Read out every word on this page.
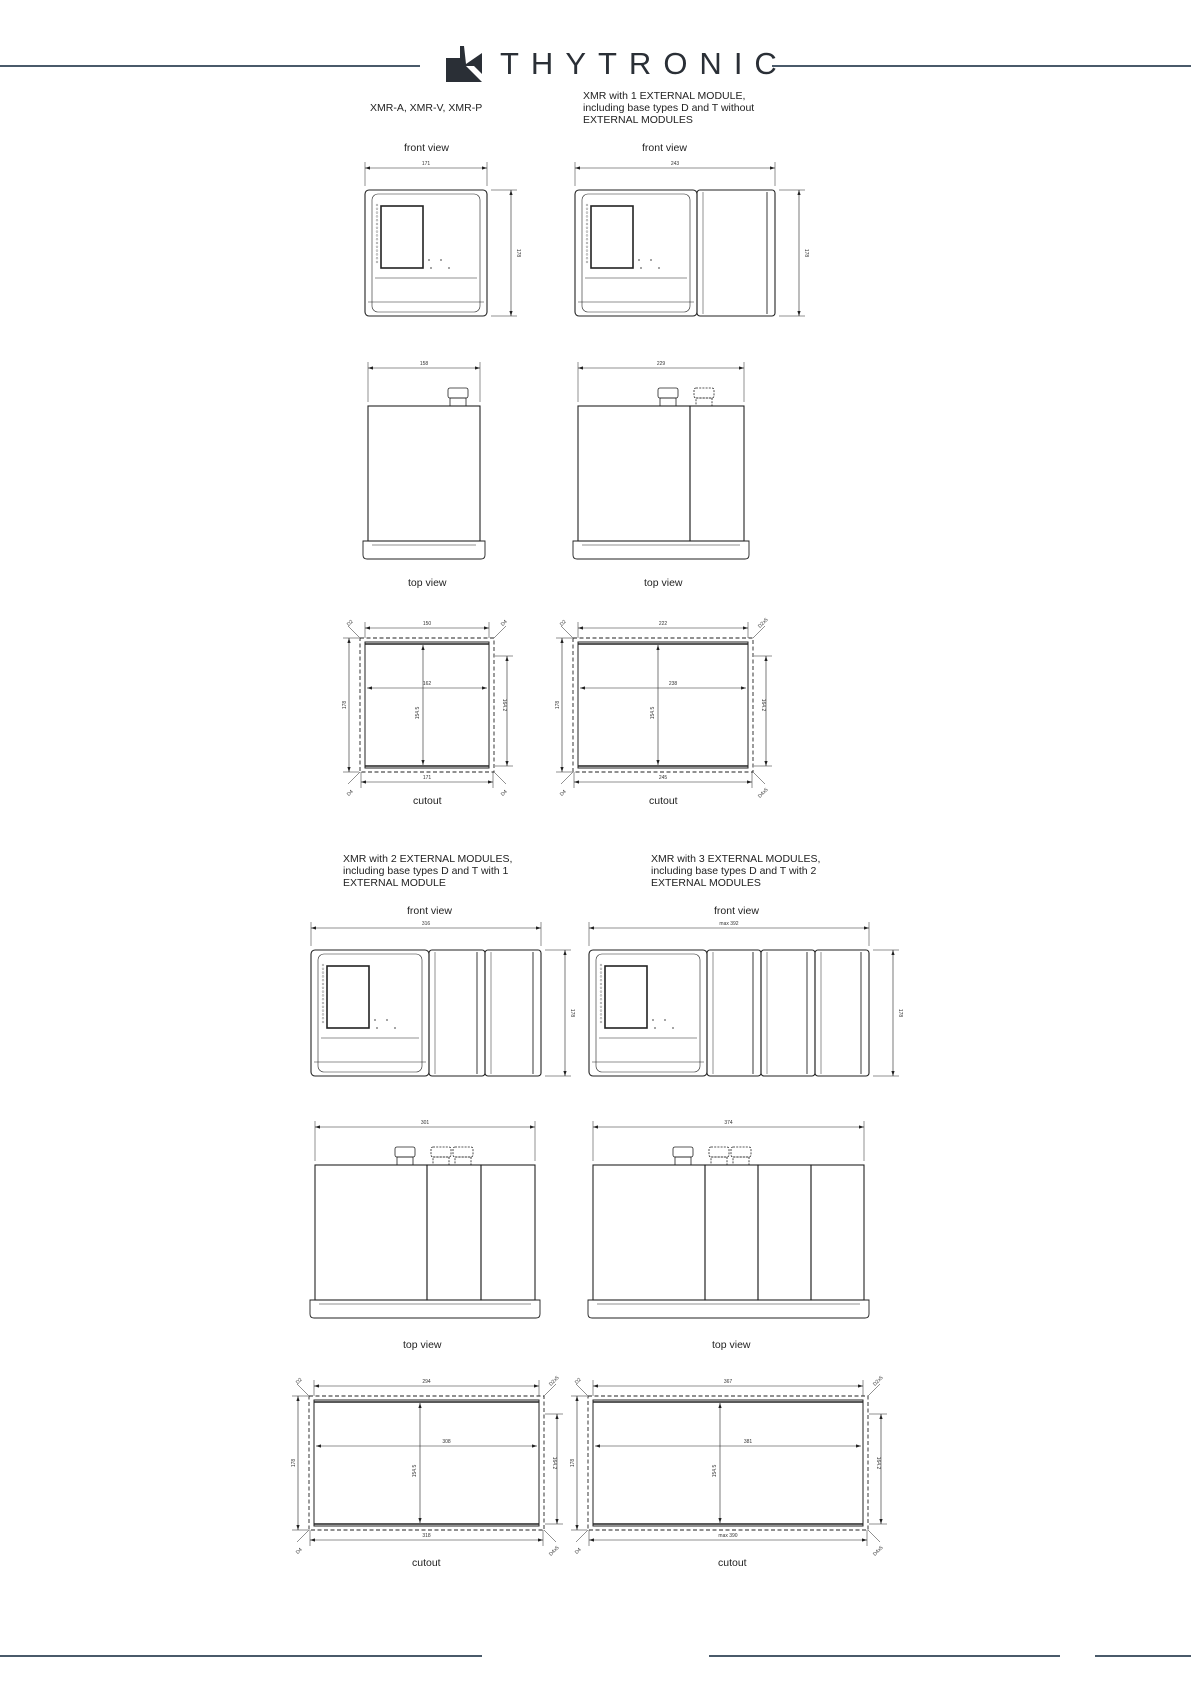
THYTRONIC
XMR-A, XMR-V, XMR-P
XMR with 1 EXTERNAL MODULE, including base types D and T without EXTERNAL MODULES
XMR with 2 EXTERNAL MODULES, including base types D and T with 1 EXTERNAL MODULE
XMR with 3 EXTERNAL MODULES, including base types D and T with 2 EXTERNAL MODULES
front view	front view
top view	top view
cutout	cutout
front view	front view
top view	top view
cutout	cutout
171
178
158
150
162
171
178
154.5
164.2
D2	D4
D4	D4
243
178
229
222
238
245
178
154.5
164.2
D2	D2x5
D4	D4x5
316
178
301
294
308
318
178
154.5
164.2
D2	D2x5
D4	D4x5
max 392
178
374
367
381
max 390
178
154.5
164.2
D2	D2x5
D4	D4x5
